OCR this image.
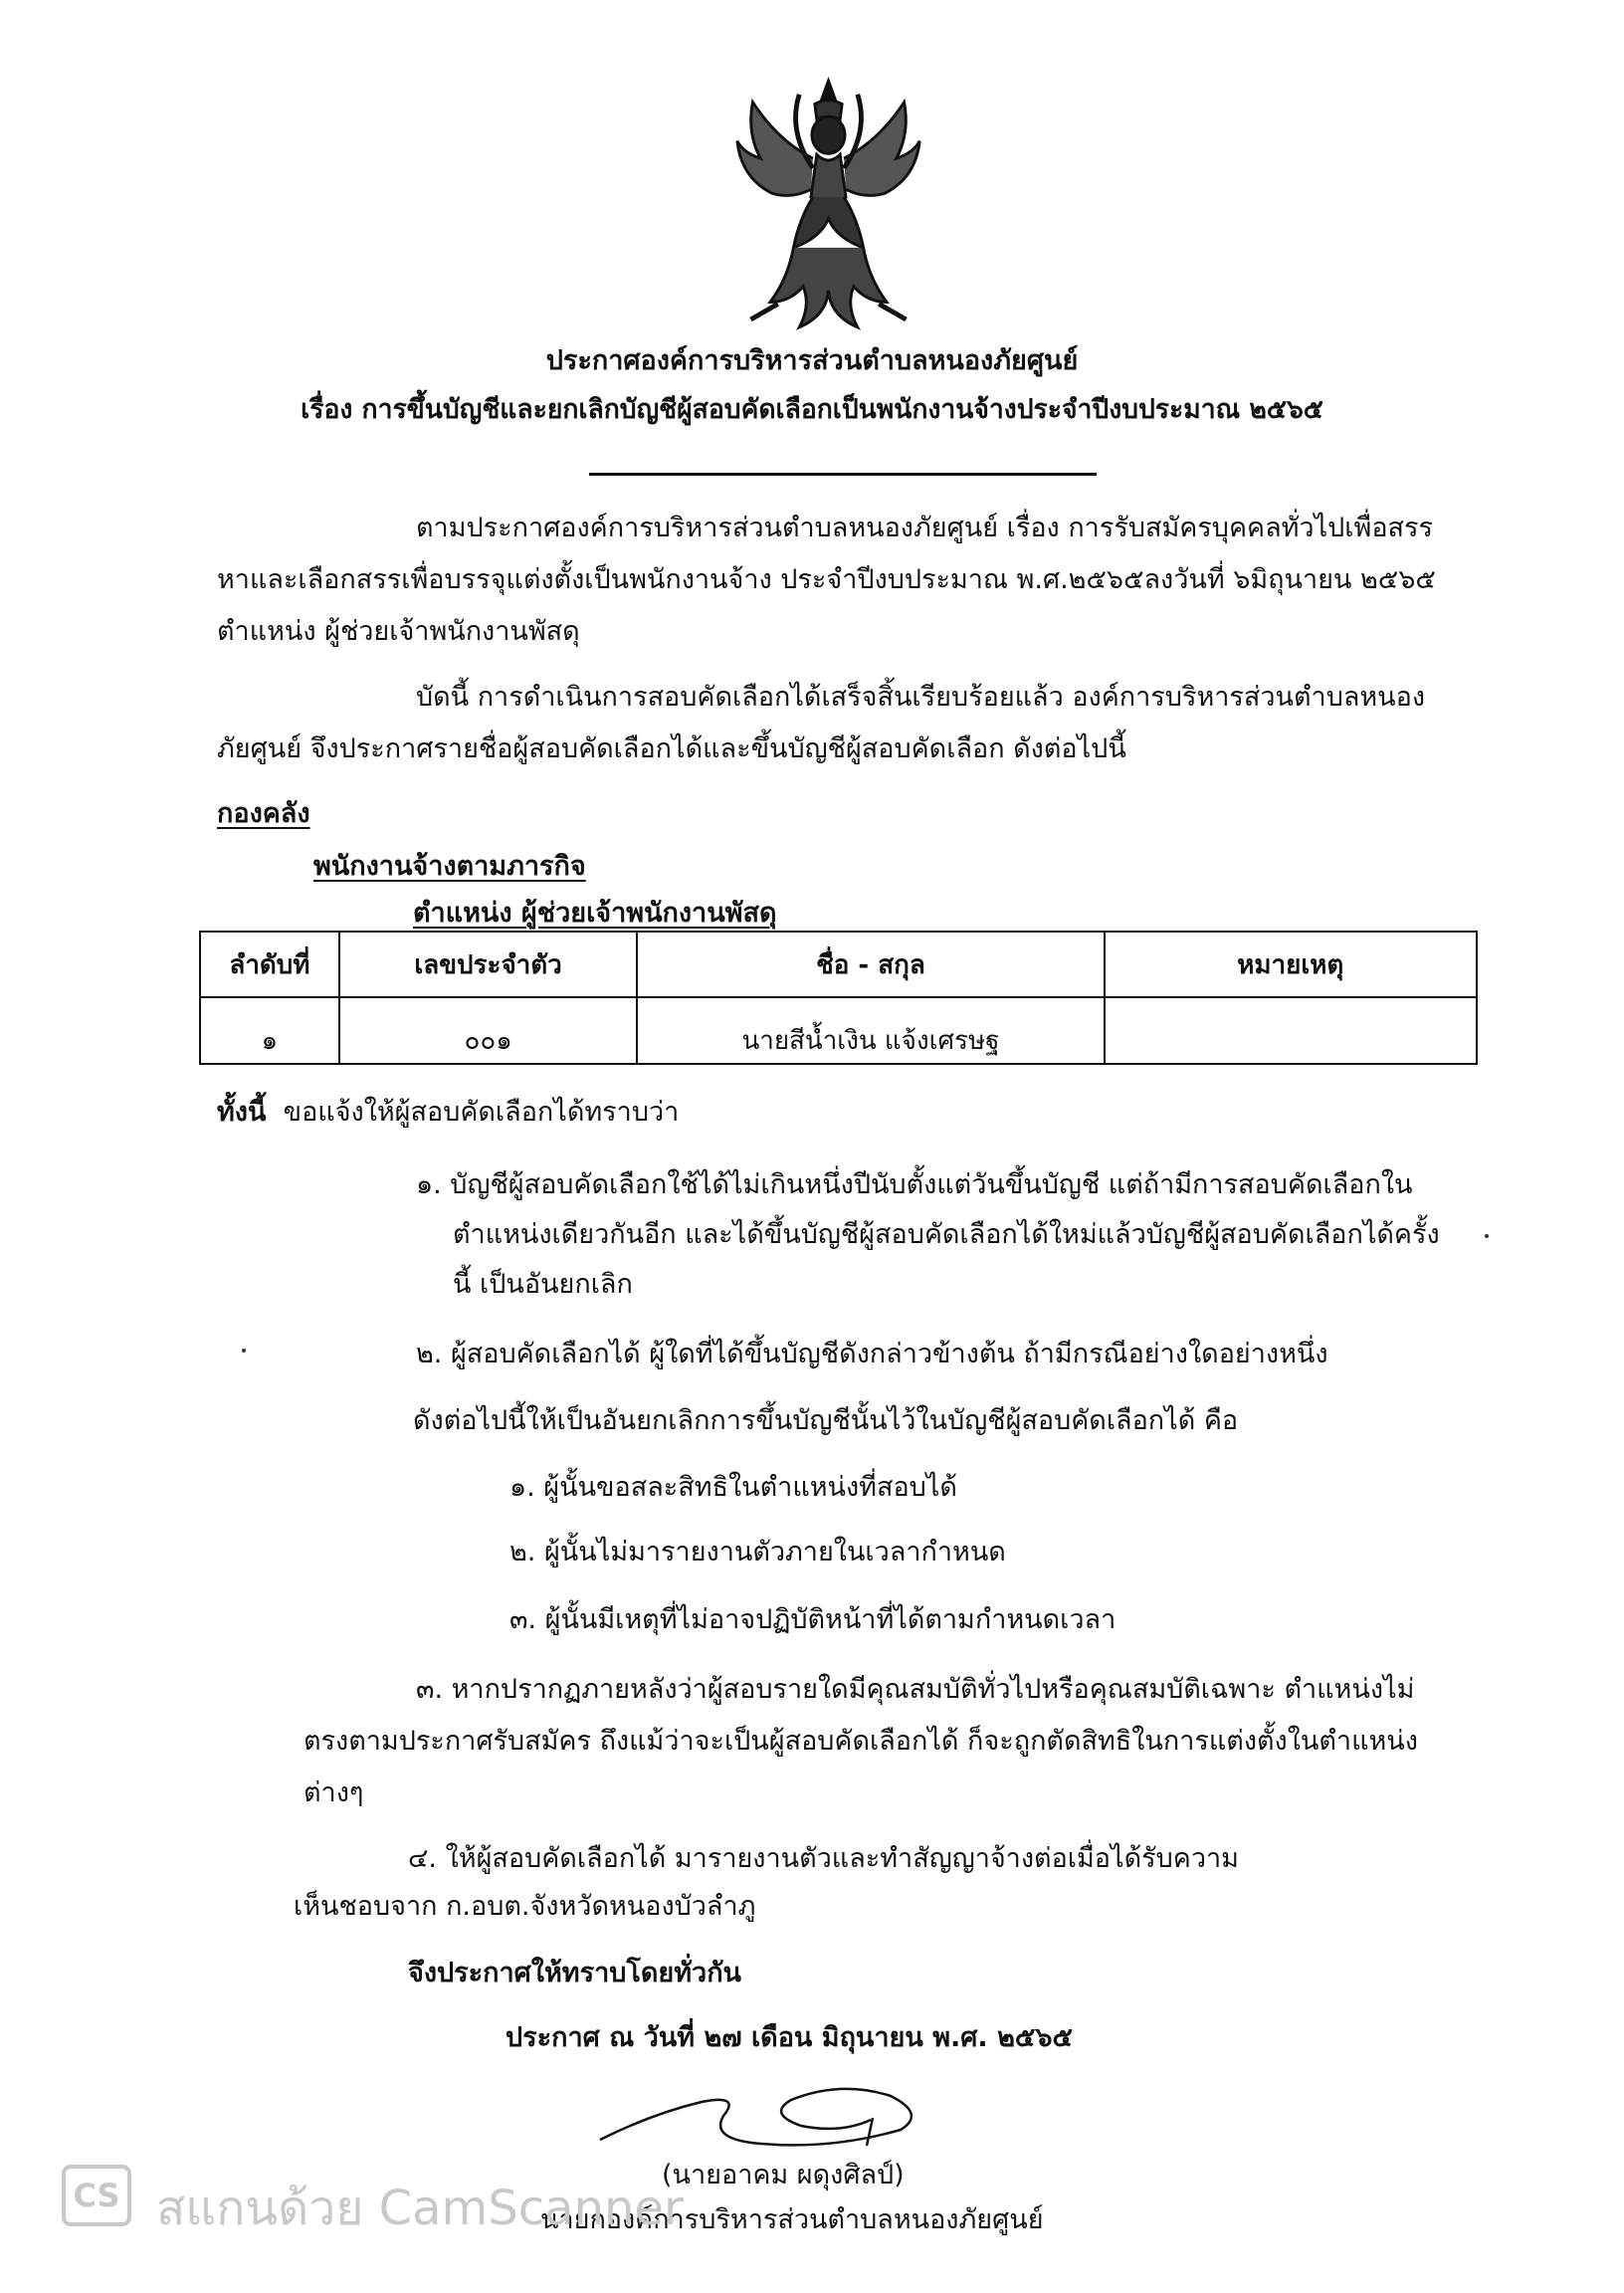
ประกาศองค์การบริหารส่วนตำบลหนองภัยศูนย์
เรื่อง การขึ้นบัญชีและยกเลิกบัญชีผู้สอบคัดเลือกเป็นพนักงานจ้างประจำปีงบประมาณ ๒๕๖๕
ตามประกาศองค์การบริหารส่วนตำบลหนองภัยศูนย์ เรื่อง การรับสมัครบุคคลทั่วไปเพื่อสรร
หาและเลือกสรรเพื่อบรรจุแต่งตั้งเป็นพนักงานจ้าง ประจำปีงบประมาณ พ.ศ.๒๕๖๕ลงวันที่ ๖มิถุนายน ๒๕๖๕
ตำแหน่ง ผู้ช่วยเจ้าพนักงานพัสดุ
บัดนี้ การดำเนินการสอบคัดเลือกได้เสร็จสิ้นเรียบร้อยแล้ว องค์การบริหารส่วนตำบลหนอง
ภัยศูนย์ จึงประกาศรายชื่อผู้สอบคัดเลือกได้และขึ้นบัญชีผู้สอบคัดเลือก ดังต่อไปนี้
กองคลัง
พนักงานจ้างตามภารกิจ
ตำแหน่ง ผู้ช่วยเจ้าพนักงานพัสดุ
ลำดับที่	เลขประจำตัว	ชื่อ - สกุล	หมายเหตุ
๑	๐๐๑	นายสีน้ำเงิน แจ้งเศรษฐ	
ทั้งนี้ ขอแจ้งให้ผู้สอบคัดเลือกได้ทราบว่า
๑. บัญชีผู้สอบคัดเลือกใช้ได้ไม่เกินหนึ่งปีนับตั้งแต่วันขึ้นบัญชี แต่ถ้ามีการสอบคัดเลือกใน
ตำแหน่งเดียวกันอีก และได้ขึ้นบัญชีผู้สอบคัดเลือกได้ใหม่แล้วบัญชีผู้สอบคัดเลือกได้ครั้ง
นี้ เป็นอันยกเลิก
๒. ผู้สอบคัดเลือกได้ ผู้ใดที่ได้ขึ้นบัญชีดังกล่าวข้างต้น ถ้ามีกรณีอย่างใดอย่างหนึ่ง
ดังต่อไปนี้ให้เป็นอันยกเลิกการขึ้นบัญชีนั้นไว้ในบัญชีผู้สอบคัดเลือกได้ คือ
๑. ผู้นั้นขอสละสิทธิในตำแหน่งที่สอบได้
๒. ผู้นั้นไม่มารายงานตัวภายในเวลากำหนด
๓. ผู้นั้นมีเหตุที่ไม่อาจปฏิบัติหน้าที่ได้ตามกำหนดเวลา
๓. หากปรากฏภายหลังว่าผู้สอบรายใดมีคุณสมบัติทั่วไปหรือคุณสมบัติเฉพาะ ตำแหน่งไม่
ตรงตามประกาศรับสมัคร ถึงแม้ว่าจะเป็นผู้สอบคัดเลือกได้ ก็จะถูกตัดสิทธิในการแต่งตั้งในตำแหน่ง
ต่างๆ
๔. ให้ผู้สอบคัดเลือกได้ มารายงานตัวและทำสัญญาจ้างต่อเมื่อได้รับความ
เห็นชอบจาก ก.อบต.จังหวัดหนองบัวลำภู
จึงประกาศให้ทราบโดยทั่วกัน
ประกาศ ณ วันที่ ๒๗ เดือน มิถุนายน พ.ศ. ๒๕๖๕
(นายอาคม ผดุงศิลป์)
นายกองค์การบริหารส่วนตำบลหนองภัยศูนย์
CS สแกนด้วย CamScanner
